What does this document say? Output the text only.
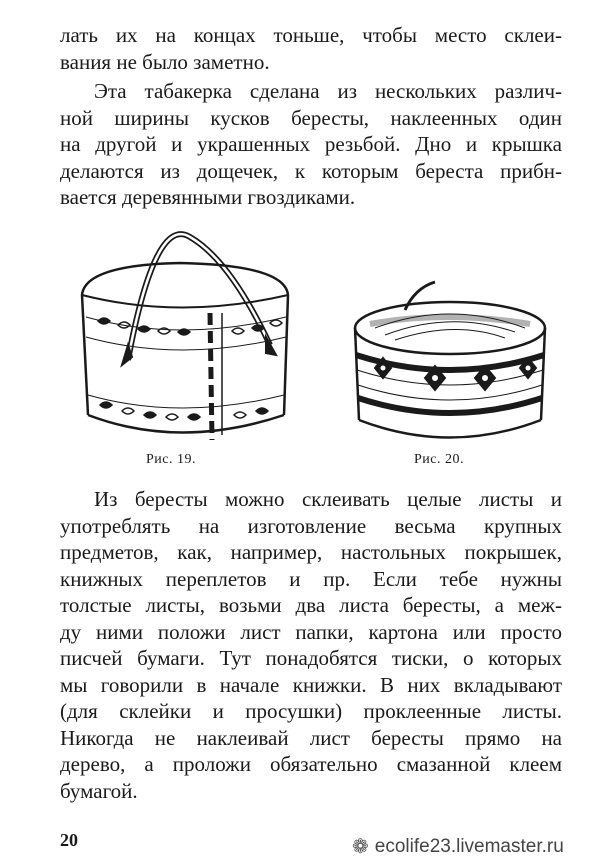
лать их на концах тоньше, чтобы место склеи-
вания не было заметно.
Эта табакерка сделана из нескольких различ-
ной ширины кусков бересты, наклеенных один
на другой и украшенных резьбой. Дно и крышка
делаются из дощечек, к которым береста прибн-
вается деревянными гвоздиками.
Рис. 19.	Рис. 20.
Из бересты можно склеивать целые листы и
употреблять на изготовление весьма крупных
предметов, как, например, настольных покрышек,
книжных переплетов и пр. Если тебе нужны
толстые листы, возьми два листа бересты, а меж-
ду ними положи лист папки, картона или просто
писчей бумаги. Тут понадобятся тиски, о которых
мы говорили в начале книжки. В них вкладывают
(для склейки и просушки) проклеенные листы.
Никогда не наклеивай лист бересты прямо на
дерево, а проложи обязательно смазанной клеем
бумагой.
20	❁ ecolife23.livemaster.ru
